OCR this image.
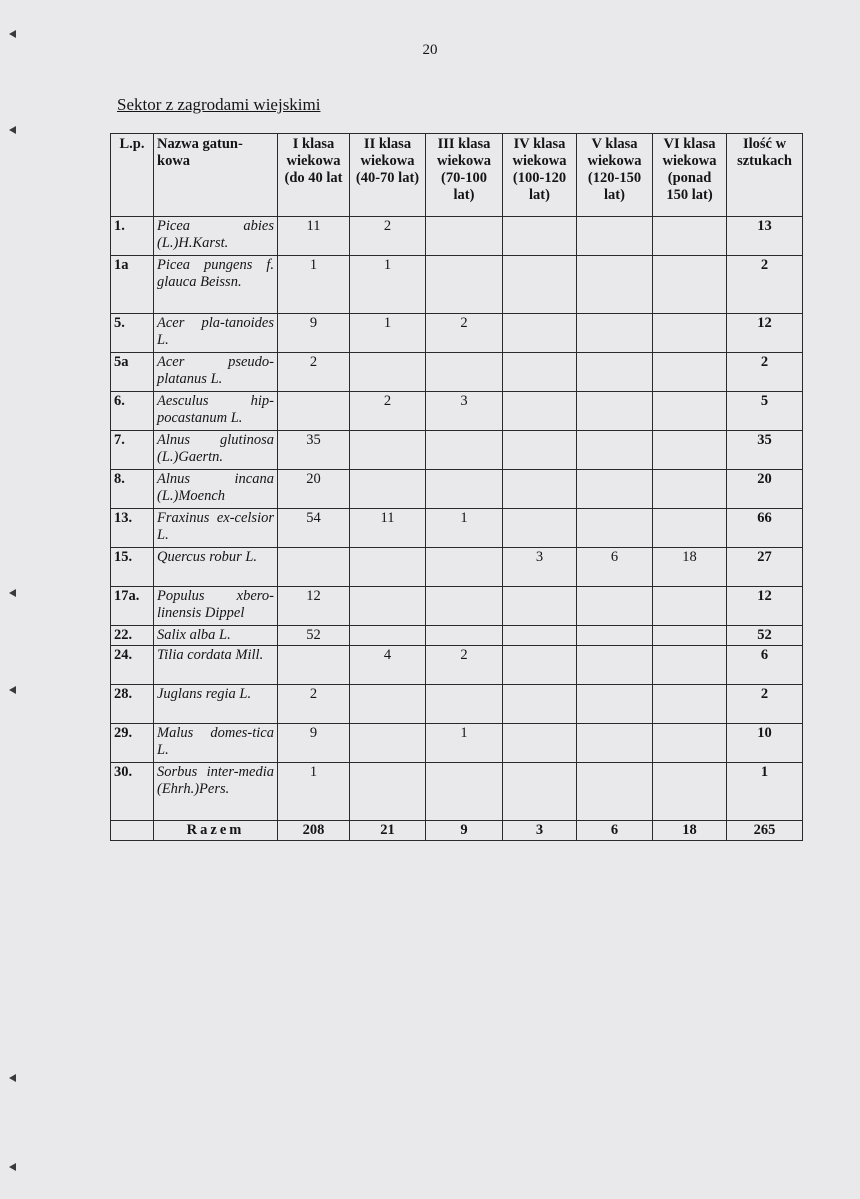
20
Sektor z zagrodami wiejskimi
L.p.	Nazwa gatun-kowa	I klasa wiekowa (do 40 lat	II klasa wiekowa (40-70 lat)	III klasa wiekowa (70-100 lat)	IV klasa wiekowa (100-120 lat)	V klasa wiekowa (120-150 lat)	VI klasa wiekowa (ponad 150 lat)	Ilość w sztukach
1.	Picea abies (L.)H.Karst.	11	2					13
1a	Picea pungens f. glauca Beissn.	1	1					2
5.	Acer pla-tanoides L.	9	1	2				12
5a	Acer pseudo-platanus L.	2						2
6.	Aesculus hip-pocastanum L.		2	3				5
7.	Alnus glutinosa (L.)Gaertn.	35						35
8.	Alnus incana (L.)Moench	20						20
13.	Fraxinus ex-celsior L.	54	11	1				66
15.	Quercus robur L.				3	6	18	27
17a.	Populus xbero-linensis Dippel	12						12
22.	Salix alba L.	52						52
24.	Tilia cordata Mill.		4	2				6
28.	Juglans regia L.	2						2
29.	Malus domes-tica L.	9		1				10
30.	Sorbus inter-media (Ehrh.)Pers.	1						1
	Razem	208	21	9	3	6	18	265
